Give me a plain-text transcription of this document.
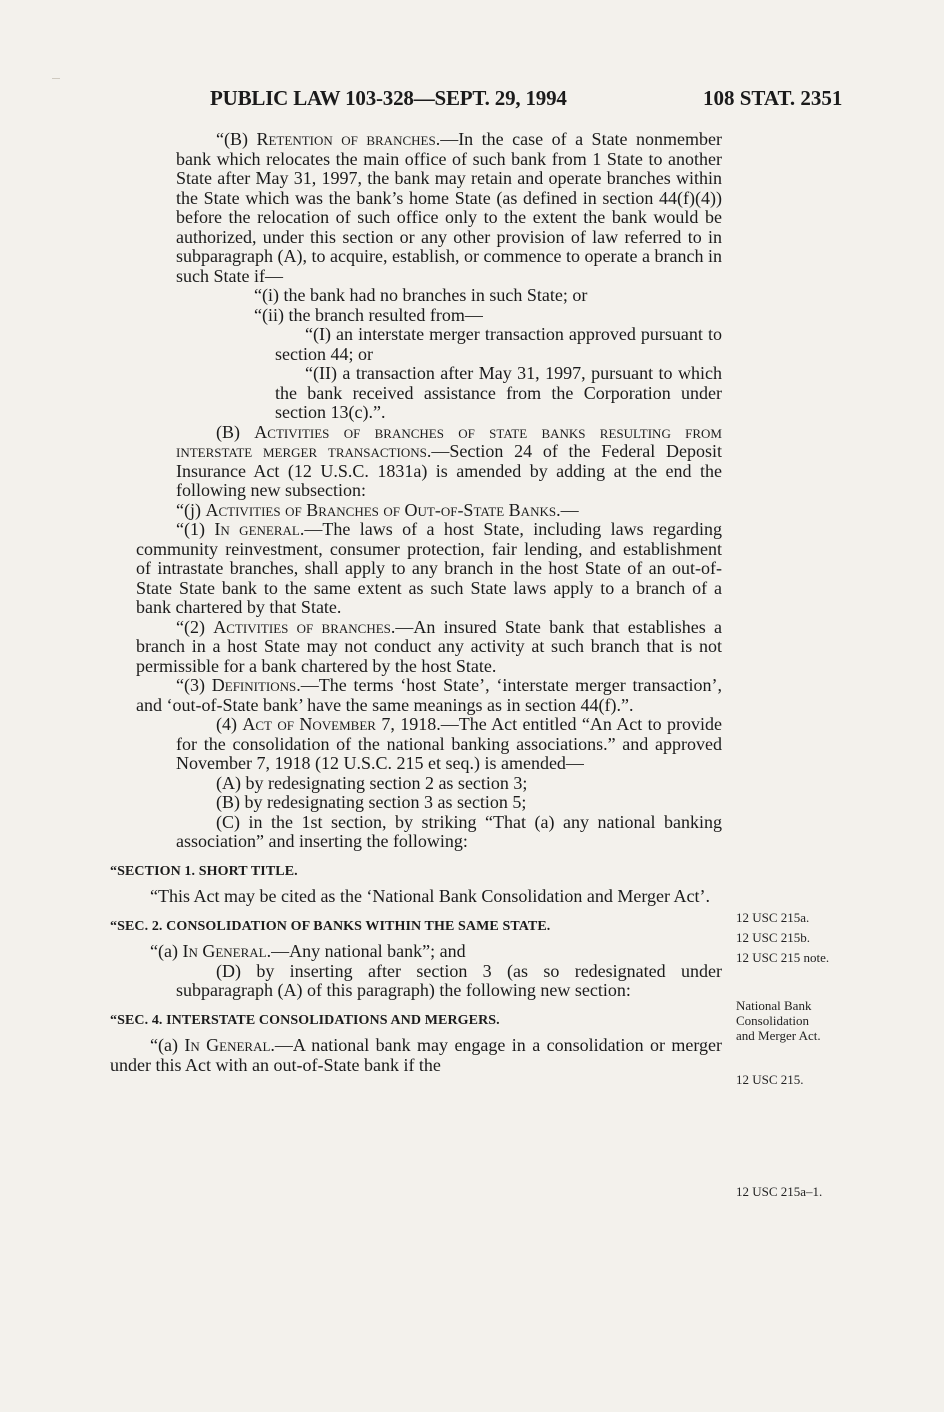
PUBLIC LAW 103-328—SEPT. 29, 1994	108 STAT. 2351

“(B) Retention of branches.—In the case of a State nonmember bank which relocates the main office of such bank from 1 State to another State after May 31, 1997, the bank may retain and operate branches within the State which was the bank’s home State (as defined in section 44(f)(4)) before the relocation of such office only to the extent the bank would be authorized, under this section or any other provision of law referred to in subparagraph (A), to acquire, establish, or commence to operate a branch in such State if—

“(i) the bank had no branches in such State; or

“(ii) the branch resulted from—

“(I) an interstate merger transaction approved pursuant to section 44; or

“(II) a transaction after May 31, 1997, pursuant to which the bank received assistance from the Corporation under section 13(c).”.

(B) Activities of branches of state banks resulting from interstate merger transactions.—Section 24 of the Federal Deposit Insurance Act (12 U.S.C. 1831a) is amended by adding at the end the following new subsection:

“(j) Activities of Branches of Out-of-State Banks.—

“(1) In general.—The laws of a host State, including laws regarding community reinvestment, consumer protection, fair lending, and establishment of intrastate branches, shall apply to any branch in the host State of an out-of-State State bank to the same extent as such State laws apply to a branch of a bank chartered by that State.

“(2) Activities of branches.—An insured State bank that establishes a branch in a host State may not conduct any activity at such branch that is not permissible for a bank chartered by the host State.

“(3) Definitions.—The terms ‘host State’, ‘interstate merger transaction’, and ‘out-of-State bank’ have the same meanings as in section 44(f).”.

(4) Act of November 7, 1918.—The Act entitled “An Act to provide for the consolidation of the national banking associations.” and approved November 7, 1918 (12 U.S.C. 215 et seq.) is amended—

(A) by redesignating section 2 as section 3;

(B) by redesignating section 3 as section 5;

(C) in the 1st section, by striking “That (a) any national banking association” and inserting the following:

“SECTION 1. SHORT TITLE.

“This Act may be cited as the ‘National Bank Consolidation and Merger Act’.

“SEC. 2. CONSOLIDATION OF BANKS WITHIN THE SAME STATE.

“(a) In General.—Any national bank”; and

(D) by inserting after section 3 (as so redesignated under subparagraph (A) of this paragraph) the following new section:

“SEC. 4. INTERSTATE CONSOLIDATIONS AND MERGERS.

“(a) In General.—A national bank may engage in a consolidation or merger under this Act with an out-of-State bank if the

12 USC 215a.
12 USC 215b.
12 USC 215 note.
National Bank
Consolidation
and Merger Act.
12 USC 215.
12 USC 215a–1.
